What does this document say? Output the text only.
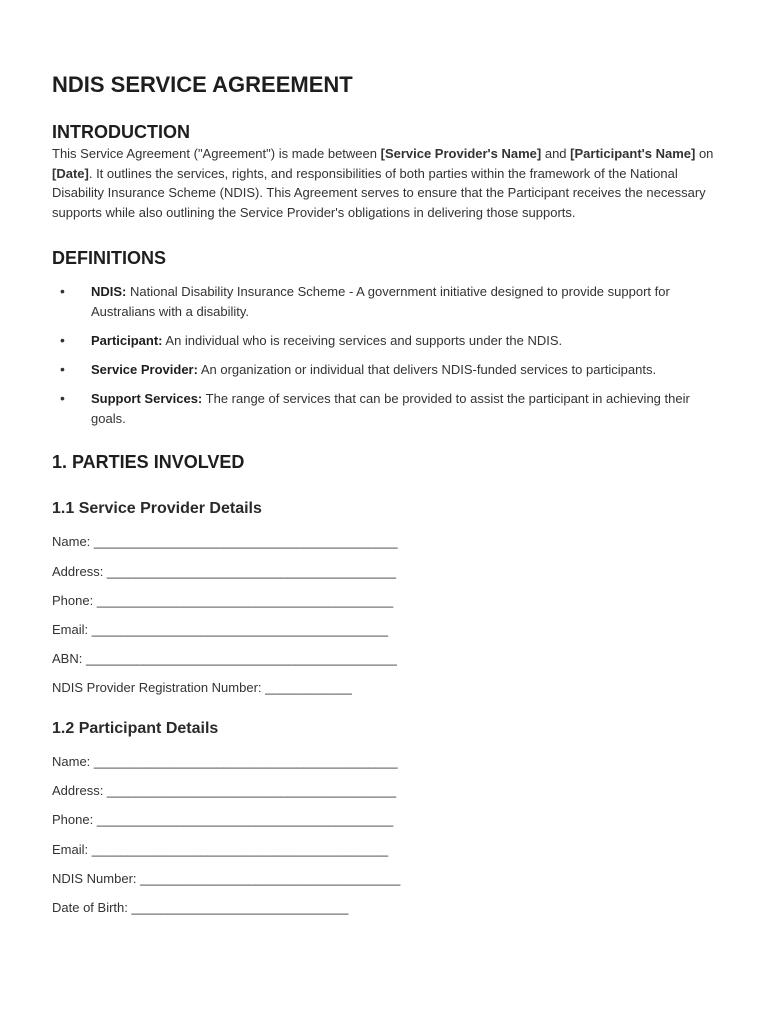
NDIS SERVICE AGREEMENT
INTRODUCTION

This Service Agreement ("Agreement") is made between [Service Provider's Name] and [Participant's Name] on [Date]. It outlines the services, rights, and responsibilities of both parties within the framework of the National Disability Insurance Scheme (NDIS). This Agreement serves to ensure that the Participant receives the necessary supports while also outlining the Service Provider's obligations in delivering those supports.

DEFINITIONS
• NDIS: National Disability Insurance Scheme - A government initiative designed to provide support for Australians with a disability.
• Participant: An individual who is receiving services and supports under the NDIS.
• Service Provider: An organization or individual that delivers NDIS-funded services to participants.
• Support Services: The range of services that can be provided to assist the participant in achieving their goals.
1. PARTIES INVOLVED
1.1 Service Provider Details
Name: __________________________________________
Address: ________________________________________
Phone: _________________________________________
Email: _________________________________________
ABN: ___________________________________________
NDIS Provider Registration Number: ____________
1.2 Participant Details
Name: __________________________________________
Address: ________________________________________
Phone: _________________________________________
Email: _________________________________________
NDIS Number: ____________________________________
Date of Birth: ______________________________
